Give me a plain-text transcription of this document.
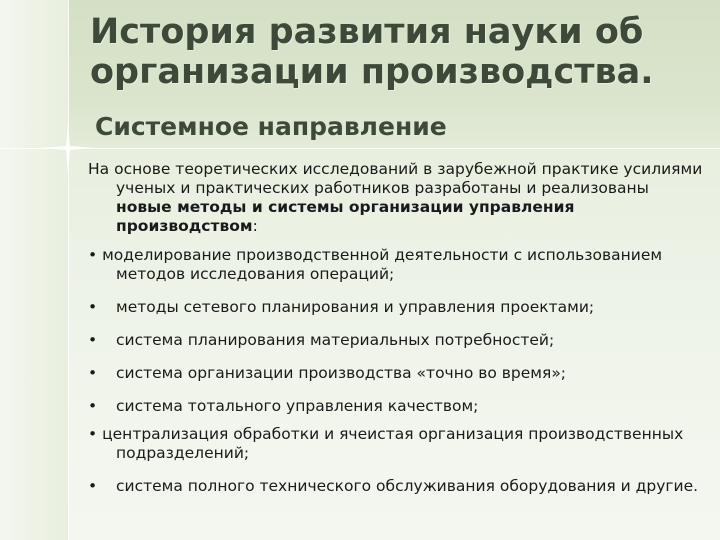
История развития науки об организации производства.
Системное направление

На основе теоретических исследований в зарубежной практике усилиями ученых и практических работников разработаны и реализованы новые методы и системы организации управления производством:

• моделирование производственной деятельности с использованием методов исследования операций;

• методы сетевого планирования и управления проектами;

• система планирования материальных потребностей;

• система организации производства «точно во время»;

• система тотального управления качеством;

• централизация обработки и ячеистая организация производственных подразделений;

• система полного технического обслуживания оборудования и другие.
